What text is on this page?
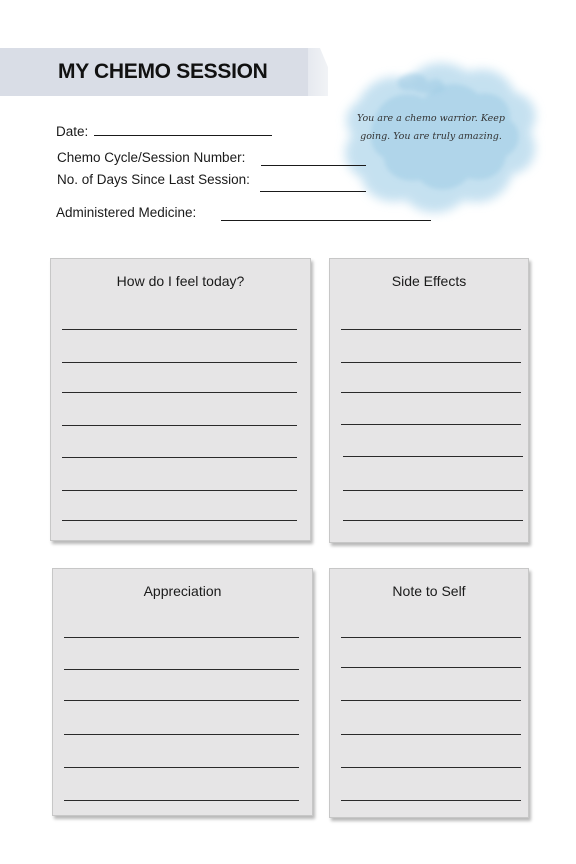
MY CHEMO SESSION
You are a chemo warrior. Keep going. You are truly amazing.
Date:
Chemo Cycle/Session Number:
No. of Days Since Last Session:
Administered Medicine:
How do I feel today?	Side Effects
Appreciation	Note to Self
